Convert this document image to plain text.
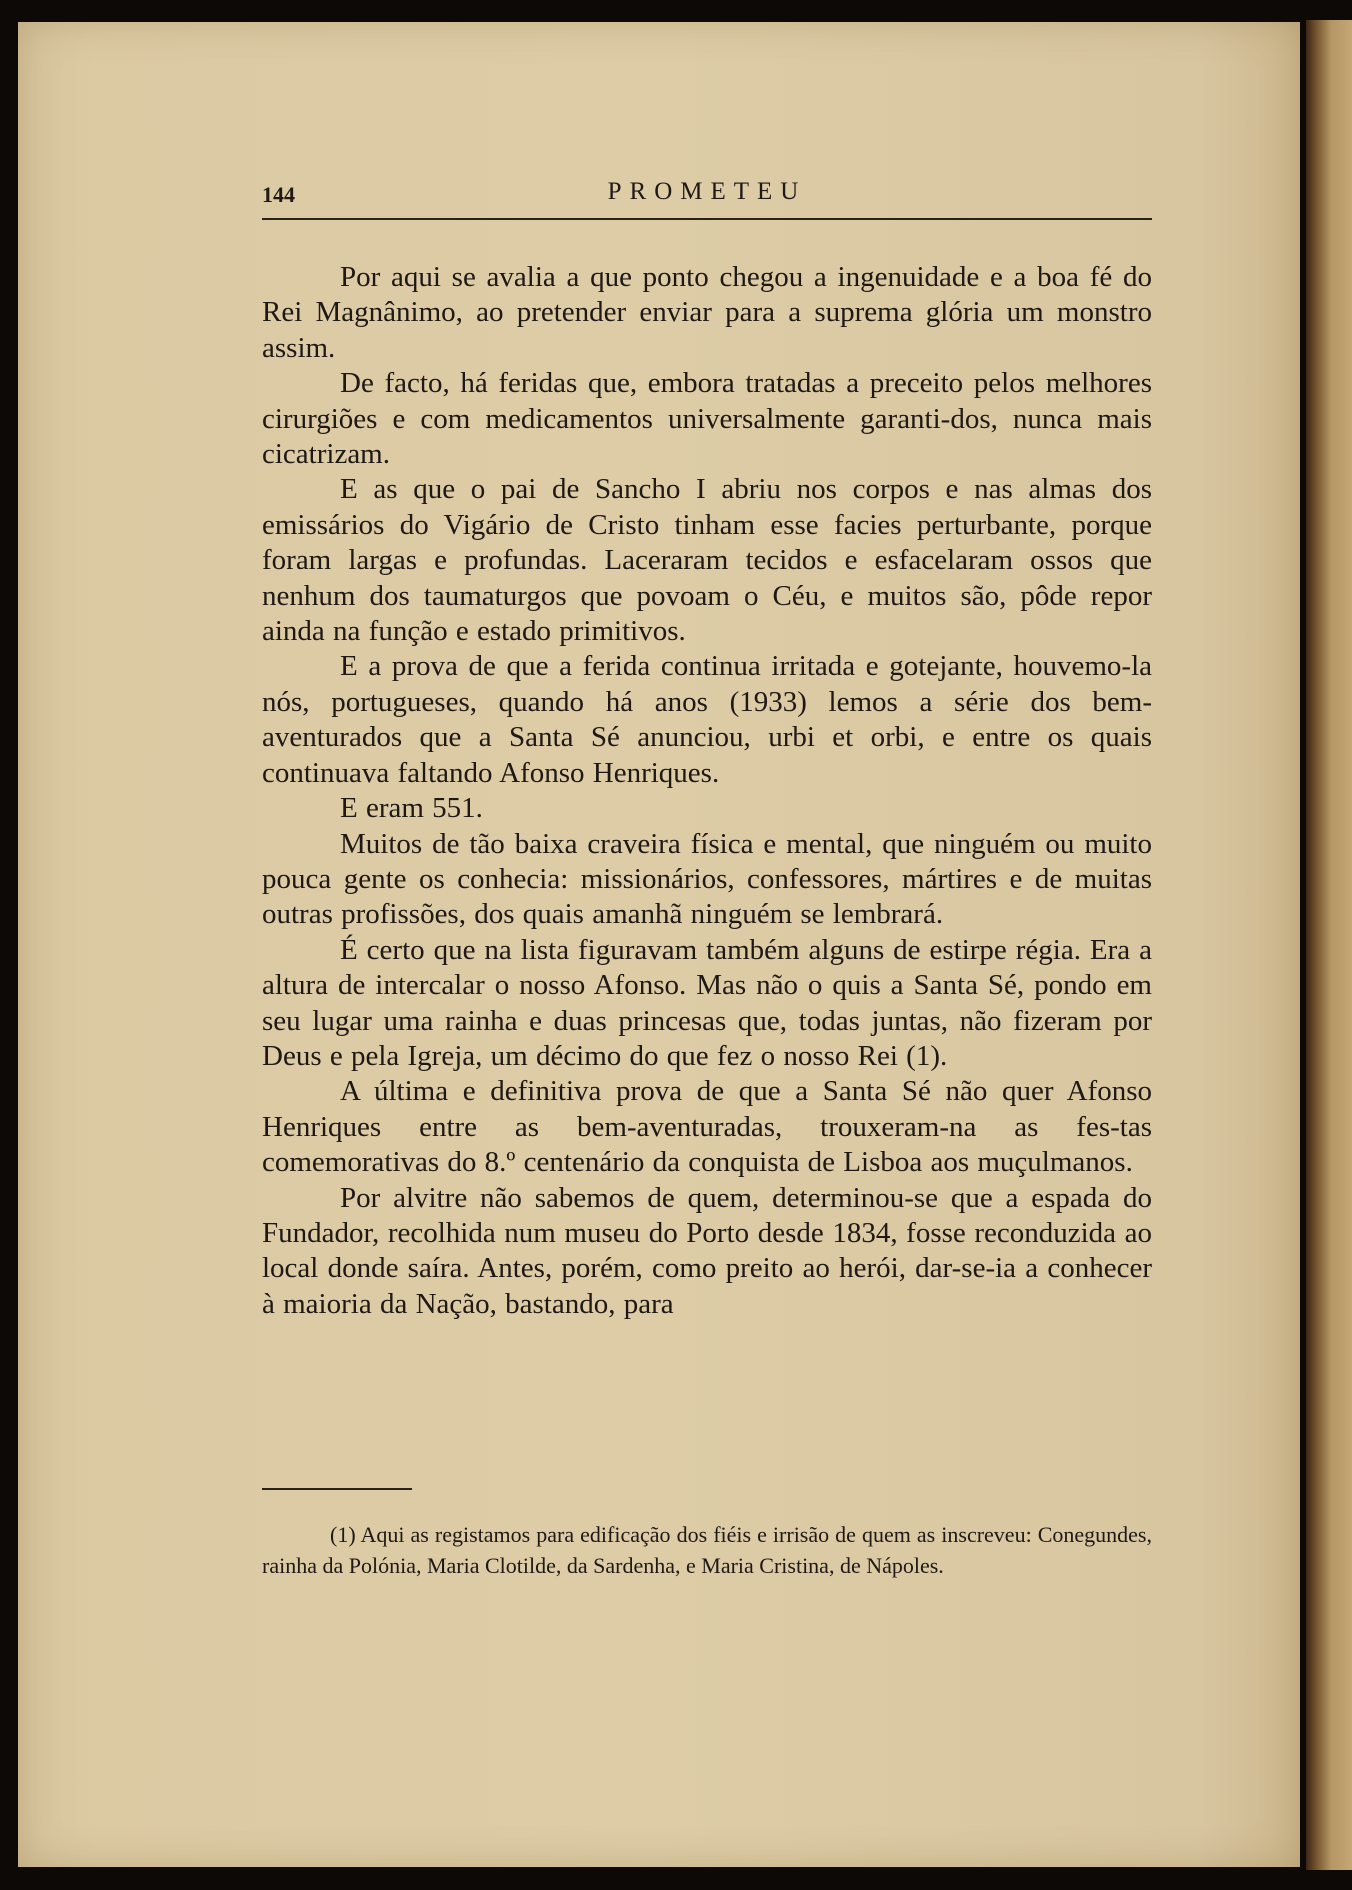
144	PROMETEU

Por aqui se avalia a que ponto chegou a ingenuidade e a boa fé do Rei Magnânimo, ao pretender enviar para a suprema glória um monstro assim.

De facto, há feridas que, embora tratadas a preceito pelos melhores cirurgiões e com medicamentos universalmente garanti-dos, nunca mais cicatrizam.

E as que o pai de Sancho I abriu nos corpos e nas almas dos emissários do Vigário de Cristo tinham esse facies perturbante, porque foram largas e profundas. Laceraram tecidos e esfacelaram ossos que nenhum dos taumaturgos que povoam o Céu, e muitos são, pôde repor ainda na função e estado primitivos.

E a prova de que a ferida continua irritada e gotejante, houvemo-la nós, portugueses, quando há anos (1933) lemos a série dos bem-aventurados que a Santa Sé anunciou, urbi et orbi, e entre os quais continuava faltando Afonso Henriques.

E eram 551.

Muitos de tão baixa craveira física e mental, que ninguém ou muito pouca gente os conhecia: missionários, confessores, mártires e de muitas outras profissões, dos quais amanhã ninguém se lembrará.

É certo que na lista figuravam também alguns de estirpe régia. Era a altura de intercalar o nosso Afonso. Mas não o quis a Santa Sé, pondo em seu lugar uma rainha e duas princesas que, todas juntas, não fizeram por Deus e pela Igreja, um décimo do que fez o nosso Rei (1).

A última e definitiva prova de que a Santa Sé não quer Afonso Henriques entre as bem-aventuradas, trouxeram-na as fes-tas comemorativas do 8.º centenário da conquista de Lisboa aos muçulmanos.

Por alvitre não sabemos de quem, determinou-se que a espada do Fundador, recolhida num museu do Porto desde 1834, fosse reconduzida ao local donde saíra. Antes, porém, como preito ao herói, dar-se-ia a conhecer à maioria da Nação, bastando, para

(1) Aqui as registamos para edificação dos fiéis e irrisão de quem as inscreveu: Conegundes, rainha da Polónia, Maria Clotilde, da Sardenha, e Maria Cristina, de Nápoles.
